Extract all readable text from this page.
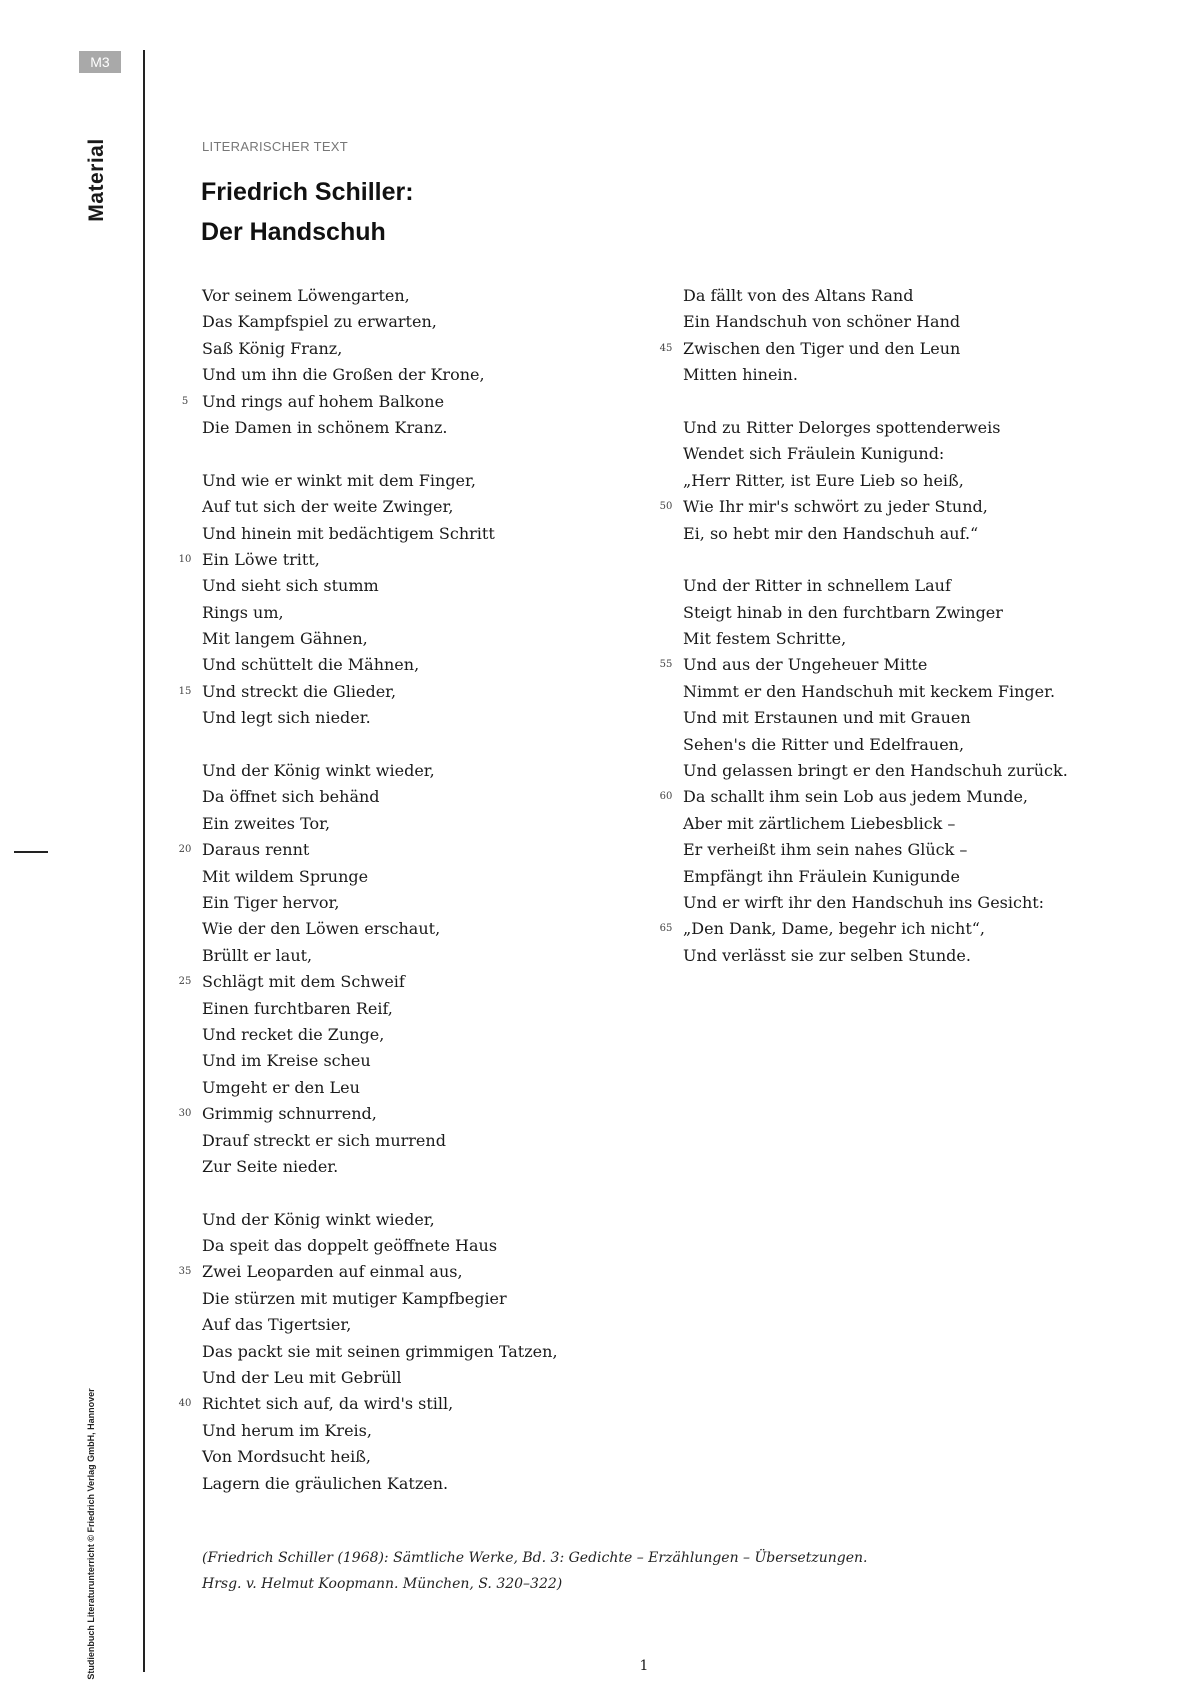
M3
Material
Studienbuch Literaturunterricht © Friedrich Verlag GmbH, Hannover
LITERARISCHER TEXT
Friedrich Schiller:
Der Handschuh
Vor seinem Löwengarten,
Das Kampfspiel zu erwarten,
Saß König Franz,
Und um ihn die Großen der Krone,
5 Und rings auf hohem Balkone
Die Damen in schönem Kranz.
Und wie er winkt mit dem Finger,
Auf tut sich der weite Zwinger,
Und hinein mit bedächtigem Schritt
10 Ein Löwe tritt,
Und sieht sich stumm
Rings um,
Mit langem Gähnen,
Und schüttelt die Mähnen,
15 Und streckt die Glieder,
Und legt sich nieder.
Und der König winkt wieder,
Da öffnet sich behänd
Ein zweites Tor,
20 Daraus rennt
Mit wildem Sprunge
Ein Tiger hervor,
Wie der den Löwen erschaut,
Brüllt er laut,
25 Schlägt mit dem Schweif
Einen furchtbaren Reif,
Und recket die Zunge,
Und im Kreise scheu
Umgeht er den Leu
30 Grimmig schnurrend,
Drauf streckt er sich murrend
Zur Seite nieder.
Und der König winkt wieder,
Da speit das doppelt geöffnete Haus
35 Zwei Leoparden auf einmal aus,
Die stürzen mit mutiger Kampfbegier
Auf das Tigertsier,
Das packt sie mit seinen grimmigen Tatzen,
Und der Leu mit Gebrüll
40 Richtet sich auf, da wird's still,
Und herum im Kreis,
Von Mordsucht heiß,
Lagern die gräulichen Katzen.
Da fällt von des Altans Rand
Ein Handschuh von schöner Hand
45 Zwischen den Tiger und den Leun
Mitten hinein.
Und zu Ritter Delorges spottenderweis
Wendet sich Fräulein Kunigund:
„Herr Ritter, ist Eure Lieb so heiß,
50 Wie Ihr mir's schwört zu jeder Stund,
Ei, so hebt mir den Handschuh auf.“
Und der Ritter in schnellem Lauf
Steigt hinab in den furchtbarn Zwinger
Mit festem Schritte,
55 Und aus der Ungeheuer Mitte
Nimmt er den Handschuh mit keckem Finger.
Und mit Erstaunen und mit Grauen
Sehen's die Ritter und Edelfrauen,
Und gelassen bringt er den Handschuh zurück.
60 Da schallt ihm sein Lob aus jedem Munde,
Aber mit zärtlichem Liebesblick –
Er verheißt ihm sein nahes Glück –
Empfängt ihn Fräulein Kunigunde
Und er wirft ihr den Handschuh ins Gesicht:
65 „Den Dank, Dame, begehr ich nicht“,
Und verlässt sie zur selben Stunde.
(Friedrich Schiller (1968): Sämtliche Werke, Bd. 3: Gedichte – Erzählungen – Übersetzungen.
Hrsg. v. Helmut Koopmann. München, S. 320–322)
1
